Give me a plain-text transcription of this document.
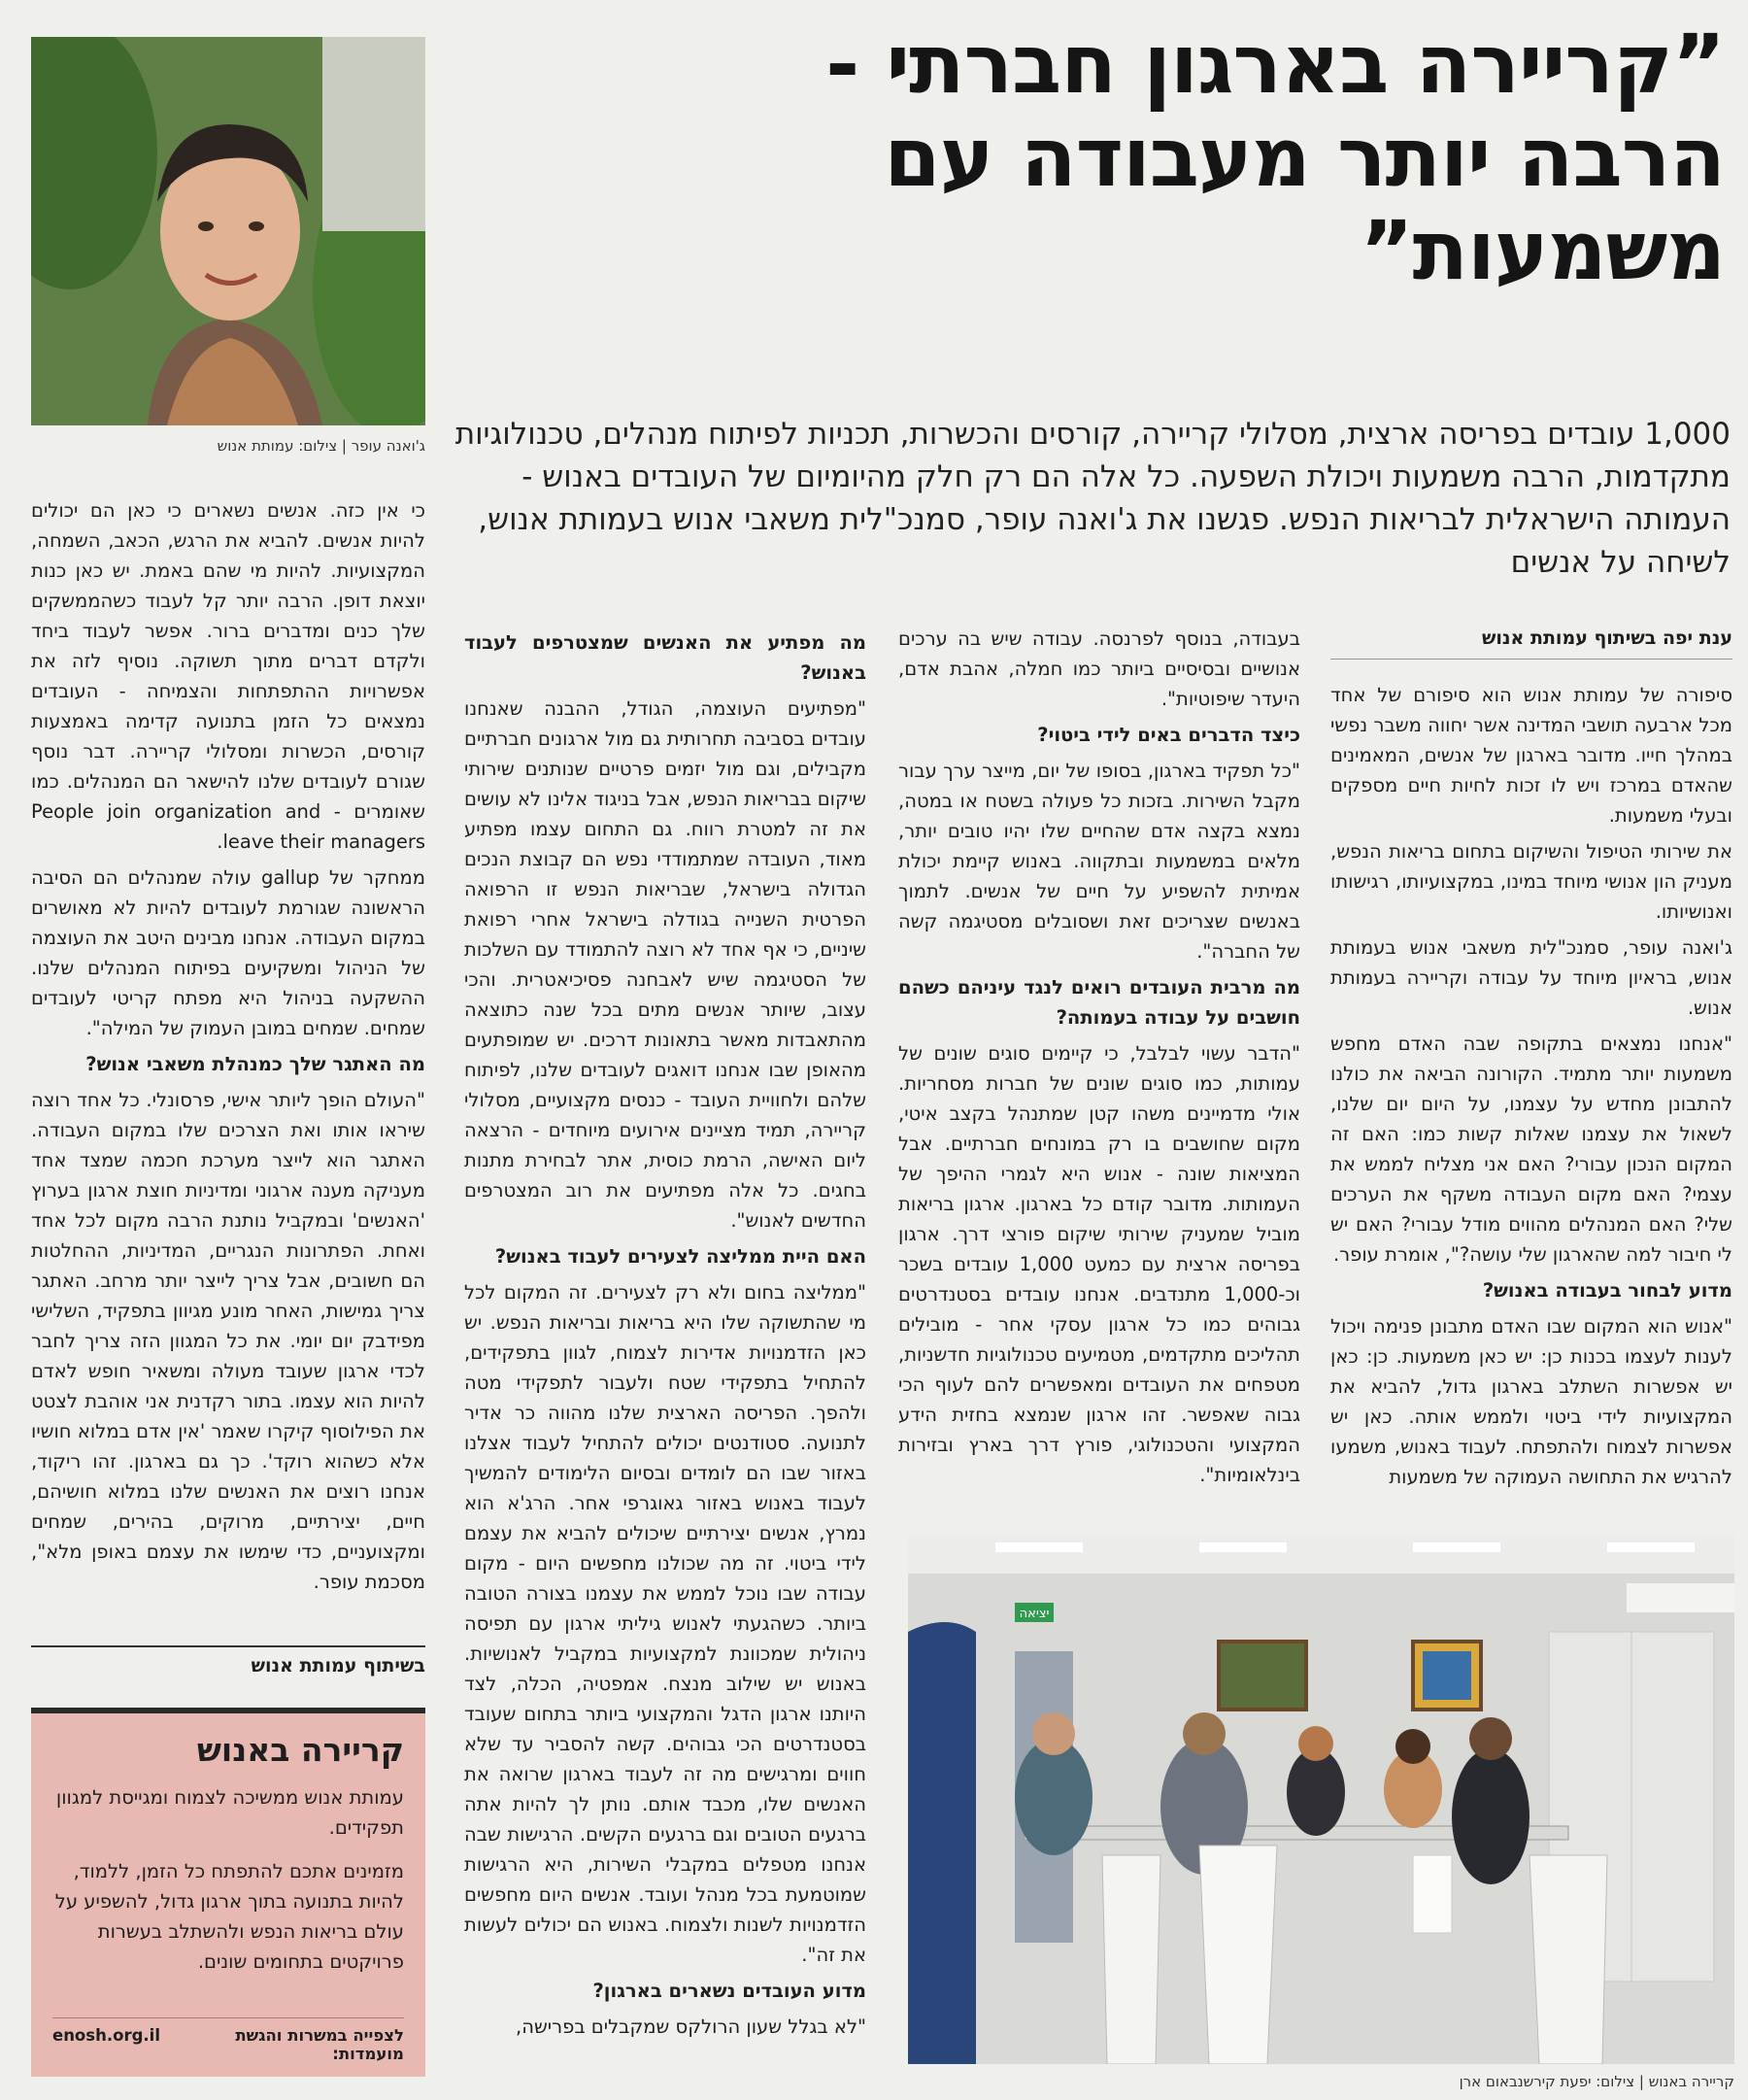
”קריירה בארגון חברתי -
הרבה יותר מעבודה עם
משמעות”
1,000 עובדים בפריסה ארצית, מסלולי קריירה, קורסים והכשרות, תכניות לפיתוח מנהלים, טכנולוגיות מתקדמות, הרבה משמעות ויכולת השפעה. כל אלה הם רק חלק מהיומיום של העובדים באנוש - העמותה הישראלית לבריאות הנפש. פגשנו את ג'ואנה עופר, סמנכ"לית משאבי אנוש בעמותת אנוש, לשיחה על אנשים
ג'ואנה עופר | צילום: עמותת אנוש
ענת יפה בשיתוף עמותת אנוש

סיפורה של עמותת אנוש הוא סיפורם של אחד מכל ארבעה תושבי המדינה אשר יחווה משבר נפשי במהלך חייו. מדובר בארגון של אנשים, המאמינים שהאדם במרכז ויש לו זכות לחיות חיים מספקים ובעלי משמעות.

את שירותי הטיפול והשיקום בתחום בריאות הנפש, מעניק הון אנושי מיוחד במינו, במקצועיותו, רגישותו ואנושיותו.

ג'ואנה עופר, סמנכ"לית משאבי אנוש בעמותת אנוש, בראיון מיוחד על עבודה וקריירה בעמותת אנוש.

"אנחנו נמצאים בתקופה שבה האדם מחפש משמעות יותר מתמיד. הקורונה הביאה את כולנו להתבונן מחדש על עצמנו, על היום יום שלנו, לשאול את עצמנו שאלות קשות כמו: האם זה המקום הנכון עבורי? האם אני מצליח לממש את עצמי? האם מקום העבודה משקף את הערכים שלי? האם המנהלים מהווים מודל עבורי? האם יש לי חיבור למה שהארגון שלי עושה?", אומרת עופר.

מדוע לבחור בעבודה באנוש?

"אנוש הוא המקום שבו האדם מתבונן פנימה ויכול לענות לעצמו בכנות כן: יש כאן משמעות. כן: כאן יש אפשרות השתלב בארגון גדול, להביא את המקצועיות לידי ביטוי ולממש אותה. כאן יש אפשרות לצמוח ולהתפתח. לעבוד באנוש, משמעו להרגיש את התחושה העמוקה של משמעות

בעבודה, בנוסף לפרנסה. עבודה שיש בה ערכים אנושיים ובסיסיים ביותר כמו חמלה, אהבת אדם, היעדר שיפוטיות".

כיצד הדברים באים לידי ביטוי?

"כל תפקיד בארגון, בסופו של יום, מייצר ערך עבור מקבל השירות. בזכות כל פעולה בשטח או במטה, נמצא בקצה אדם שהחיים שלו יהיו טובים יותר, מלאים במשמעות ובתקווה. באנוש קיימת יכולת אמיתית להשפיע על חיים של אנשים. לתמוך באנשים שצריכים זאת ושסובלים מסטיגמה קשה של החברה".

מה מרבית העובדים רואים לנגד עיניהם כשהם חושבים על עבודה בעמותה?

"הדבר עשוי לבלבל, כי קיימים סוגים שונים של עמותות, כמו סוגים שונים של חברות מסחריות. אולי מדמיינים משהו קטן שמתנהל בקצב איטי, מקום שחושבים בו רק במונחים חברתיים. אבל המציאות שונה - אנוש היא לגמרי ההיפך של העמותות. מדובר קודם כל בארגון. ארגון בריאות מוביל שמעניק שירותי שיקום פורצי דרך. ארגון בפריסה ארצית עם כמעט 1,000 עובדים בשכר וכ-1,000 מתנדבים. אנחנו עובדים בסטנדרטים גבוהים כמו כל ארגון עסקי אחר - מובילים תהליכים מתקדמים, מטמיעים טכנולוגיות חדשניות, מטפחים את העובדים ומאפשרים להם לעוף הכי גבוה שאפשר. זהו ארגון שנמצא בחזית הידע המקצועי והטכנולוגי, פורץ דרך בארץ ובזירות בינלאומיות".

מה מפתיע את האנשים שמצטרפים לעבוד באנוש?

"מפתיעים העוצמה, הגודל, ההבנה שאנחנו עובדים בסביבה תחרותית גם מול ארגונים חברתיים מקבילים, וגם מול יזמים פרטיים שנותנים שירותי שיקום בבריאות הנפש, אבל בניגוד אלינו לא עושים את זה למטרת רווח. גם התחום עצמו מפתיע מאוד, העובדה שמתמודדי נפש הם קבוצת הנכים הגדולה בישראל, שבריאות הנפש זו הרפואה הפרטית השנייה בגודלה בישראל אחרי רפואת שיניים, כי אף אחד לא רוצה להתמודד עם השלכות של הסטיגמה שיש לאבחנה פסיכיאטרית. והכי עצוב, שיותר אנשים מתים בכל שנה כתוצאה מהתאבדות מאשר בתאונות דרכים. יש שמופתעים מהאופן שבו אנחנו דואגים לעובדים שלנו, לפיתוח שלהם ולחוויית העובד - כנסים מקצועיים, מסלולי קריירה, תמיד מציינים אירועים מיוחדים - הרצאה ליום האישה, הרמת כוסית, אתר לבחירת מתנות בחגים. כל אלה מפתיעים את רוב המצטרפים החדשים לאנוש".

האם היית ממליצה לצעירים לעבוד באנוש?

"ממליצה בחום ולא רק לצעירים. זה המקום לכל מי שהתשוקה שלו היא בריאות ובריאות הנפש. יש כאן הזדמנויות אדירות לצמוח, לגוון בתפקידים, להתחיל בתפקידי שטח ולעבור לתפקידי מטה ולהפך. הפריסה הארצית שלנו מהווה כר אדיר לתנועה. סטודנטים יכולים להתחיל לעבוד אצלנו באזור שבו הם לומדים ובסיום הלימודים להמשיך לעבוד באנוש באזור גאוגרפי אחר. הרג'א הוא נמרץ, אנשים יצירתיים שיכולים להביא את עצמם לידי ביטוי. זה מה שכולנו מחפשים היום - מקום עבודה שבו נוכל לממש את עצמנו בצורה הטובה ביותר. כשהגעתי לאנוש גיליתי ארגון עם תפיסה ניהולית שמכוונת למקצועיות במקביל לאנושיות. באנוש יש שילוב מנצח. אמפטיה, הכלה, לצד היותנו ארגון הדגל והמקצועי ביותר בתחום שעובד בסטנדרטים הכי גבוהים. קשה להסביר עד שלא חווים ומרגישים מה זה לעבוד בארגון שרואה את האנשים שלו, מכבד אותם. נותן לך להיות אתה ברגעים הטובים וגם ברגעים הקשים. הרגישות שבה אנחנו מטפלים במקבלי השירות, היא הרגישות שמוטמעת בכל מנהל ועובד. אנשים היום מחפשים הזדמנויות לשנות ולצמוח. באנוש הם יכולים לעשות את זה".

מדוע העובדים נשארים בארגון?

"לא בגלל שעון הרולקס שמקבלים בפרישה,

כי אין כזה. אנשים נשארים כי כאן הם יכולים להיות אנשים. להביא את הרגש, הכאב, השמחה, המקצועיות. להיות מי שהם באמת. יש כאן כנות יוצאת דופן. הרבה יותר קל לעבוד כשהממשקים שלך כנים ומדברים ברור. אפשר לעבוד ביחד ולקדם דברים מתוך תשוקה. נוסיף לזה את אפשרויות ההתפתחות והצמיחה - העובדים נמצאים כל הזמן בתנועה קדימה באמצעות קורסים, הכשרות ומסלולי קריירה. דבר נוסף שגורם לעובדים שלנו להישאר הם המנהלים. כמו שאומרים - People join organization and leave their managers.

ממחקר של gallup עולה שמנהלים הם הסיבה הראשונה שגורמת לעובדים להיות לא מאושרים במקום העבודה. אנחנו מבינים היטב את העוצמה של הניהול ומשקיעים בפיתוח המנהלים שלנו. ההשקעה בניהול היא מפתח קריטי לעובדים שמחים. שמחים במובן העמוק של המילה".

מה האתגר שלך כמנהלת משאבי אנוש?

"העולם הופך ליותר אישי, פרסונלי. כל אחד רוצה שיראו אותו ואת הצרכים שלו במקום העבודה. האתגר הוא לייצר מערכת חכמה שמצד אחד מעניקה מענה ארגוני ומדיניות חוצת ארגון בערוץ 'האנשים' ובמקביל נותנת הרבה מקום לכל אחד ואחת. הפתרונות הנגריים, המדיניות, ההחלטות הם חשובים, אבל צריך לייצר יותר מרחב. האתגר צריך גמישות, האחר מונע מגיוון בתפקיד, השלישי מפידבק יום יומי. את כל המגוון הזה צריך לחבר לכדי ארגון שעובד מעולה ומשאיר חופש לאדם להיות הוא עצמו. בתור רקדנית אני אוהבת לצטט את הפילוסוף קיקרו שאמר 'אין אדם במלוא חושיו אלא כשהוא רוקד'. כך גם בארגון. זהו ריקוד, אנחנו רוצים את האנשים שלנו במלוא חושיהם, חיים, יצירתיים, מרוקים, בהירים, שמחים ומקצועניים, כדי שימשו את עצמם באופן מלא", מסכמת עופר.

בשיתוף עמותת אנוש
קריירה באנוש

עמותת אנוש ממשיכה לצמוח ומגייסת למגוון תפקידים.

מזמינים אתכם להתפתח כל הזמן, ללמוד, להיות בתנועה בתוך ארגון גדול, להשפיע על עולם בריאות הנפש ולהשתלב בעשרות פרויקטים בתחומים שונים.

לצפייה במשרות והגשת מועמדות:
enosh.org.il
יציאה
קריירה באנוש | צילום: יפעת קירשנבאום ארן
